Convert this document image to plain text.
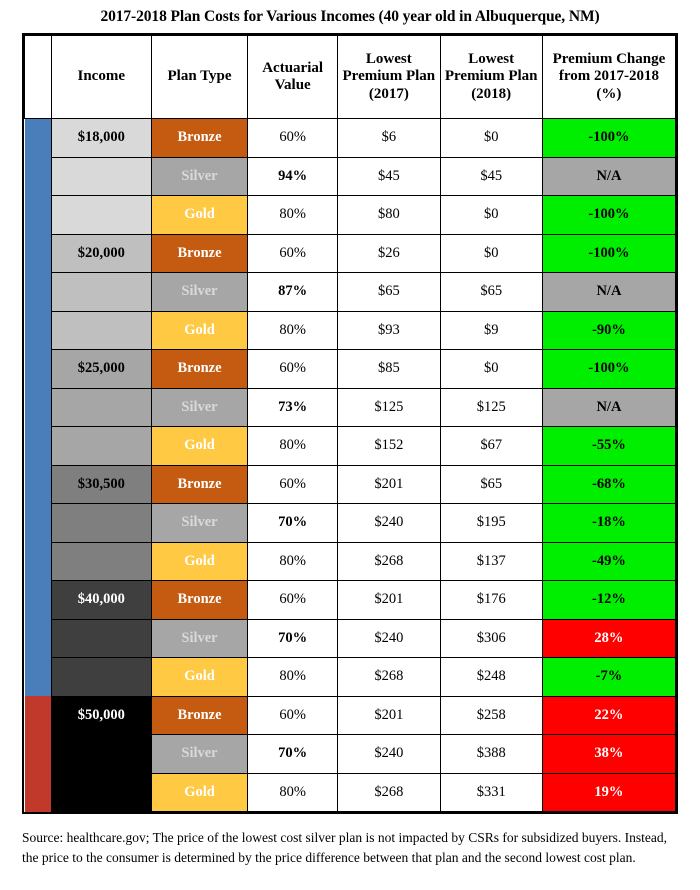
2017-2018 Plan Costs for Various Incomes (40 year old in Albuquerque, NM)
	Income	Plan Type	Actuarial Value	Lowest Premium Plan (2017)	Lowest Premium Plan (2018)	Premium Change from 2017-2018 (%)
	$18,000	Bronze	60%	$6	$0	-100%
		Silver	94%	$45	$45	N/A
		Gold	80%	$80	$0	-100%
	$20,000	Bronze	60%	$26	$0	-100%
		Silver	87%	$65	$65	N/A
		Gold	80%	$93	$9	-90%
	$25,000	Bronze	60%	$85	$0	-100%
		Silver	73%	$125	$125	N/A
		Gold	80%	$152	$67	-55%
	$30,500	Bronze	60%	$201	$65	-68%
		Silver	70%	$240	$195	-18%
		Gold	80%	$268	$137	-49%
	$40,000	Bronze	60%	$201	$176	-12%
		Silver	70%	$240	$306	28%
		Gold	80%	$268	$248	-7%
	$50,000	Bronze	60%	$201	$258	22%
		Silver	70%	$240	$388	38%
		Gold	80%	$268	$331	19%
Source: healthcare.gov; The price of the lowest cost silver plan is not impacted by CSRs for subsidized buyers. Instead, the price to the consumer is determined by the price difference between that plan and the second lowest cost plan.
